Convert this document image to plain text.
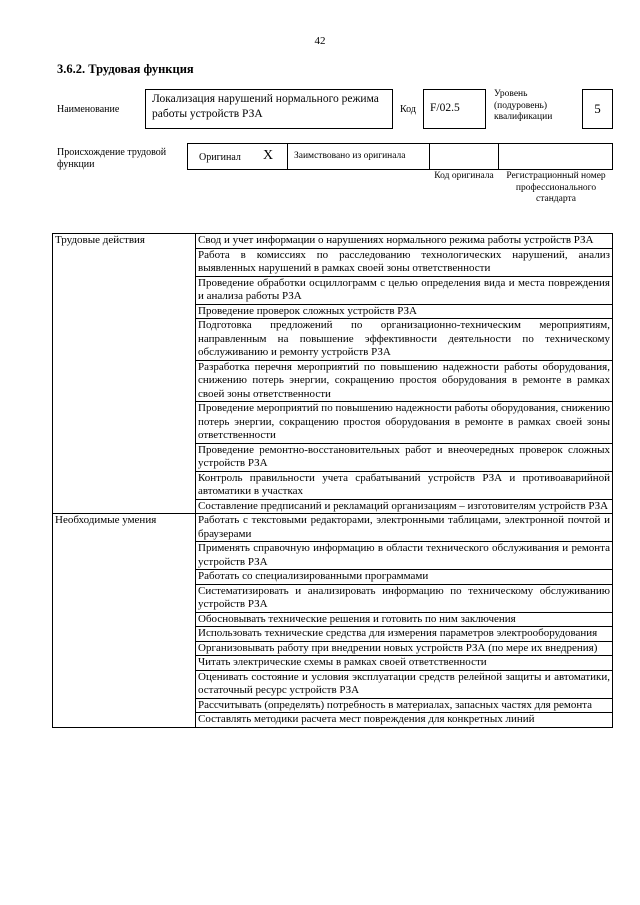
42
3.6.2. Трудовая функция
Наименование
Локализация нарушений нормального режима работы устройств РЗА	Код	F/02.5
Уровень (подуровень) квалификации
5
Происхождение трудовой функции
Оригинал X	Заимствовано из оригинала
Код оригинала	Регистрационный номер профессионального стандарта
Трудовые действия	Свод и учет информации о нарушениях нормального режима работы устройств РЗА
	Работа в комиссиях по расследованию технологических нарушений, анализ выявленных нарушений в рамках своей зоны ответственности
	Проведение обработки осциллограмм с целью определения вида и места повреждения и анализа работы РЗА
	Проведение проверок сложных устройств РЗА
	Подготовка предложений по организационно-техническим мероприятиям, направленным на повышение эффективности деятельности по техническому обслуживанию и ремонту устройств РЗА
	Разработка перечня мероприятий по повышению надежности работы оборудования, снижению потерь энергии, сокращению простоя оборудования в ремонте в рамках своей зоны ответственности
	Проведение мероприятий по повышению надежности работы оборудования, снижению потерь энергии, сокращению простоя оборудования в ремонте в рамках своей зоны ответственности
	Проведение ремонтно-восстановительных работ и внеочередных проверок сложных устройств РЗА
	Контроль правильности учета срабатываний устройств РЗА и противоаварийной автоматики в участках
	Составление предписаний и рекламаций организациям – изготовителям устройств РЗА
Необходимые умения	Работать с текстовыми редакторами, электронными таблицами, электронной почтой и браузерами
	Применять справочную информацию в области технического обслуживания и ремонта устройств РЗА
	Работать со специализированными программами
	Систематизировать и анализировать информацию по техническому обслуживанию устройств РЗА
	Обосновывать технические решения и готовить по ним заключения
	Использовать технические средства для измерения параметров электрооборудования
	Организовывать работу при внедрении новых устройств РЗА (по мере их внедрения)
	Читать электрические схемы в рамках своей ответственности
	Оценивать состояние и условия эксплуатации средств релейной защиты и автоматики, остаточный ресурс устройств РЗА
	Рассчитывать (определять) потребность в материалах, запасных частях для ремонта
	Составлять методики расчета мест повреждения для конкретных линий
